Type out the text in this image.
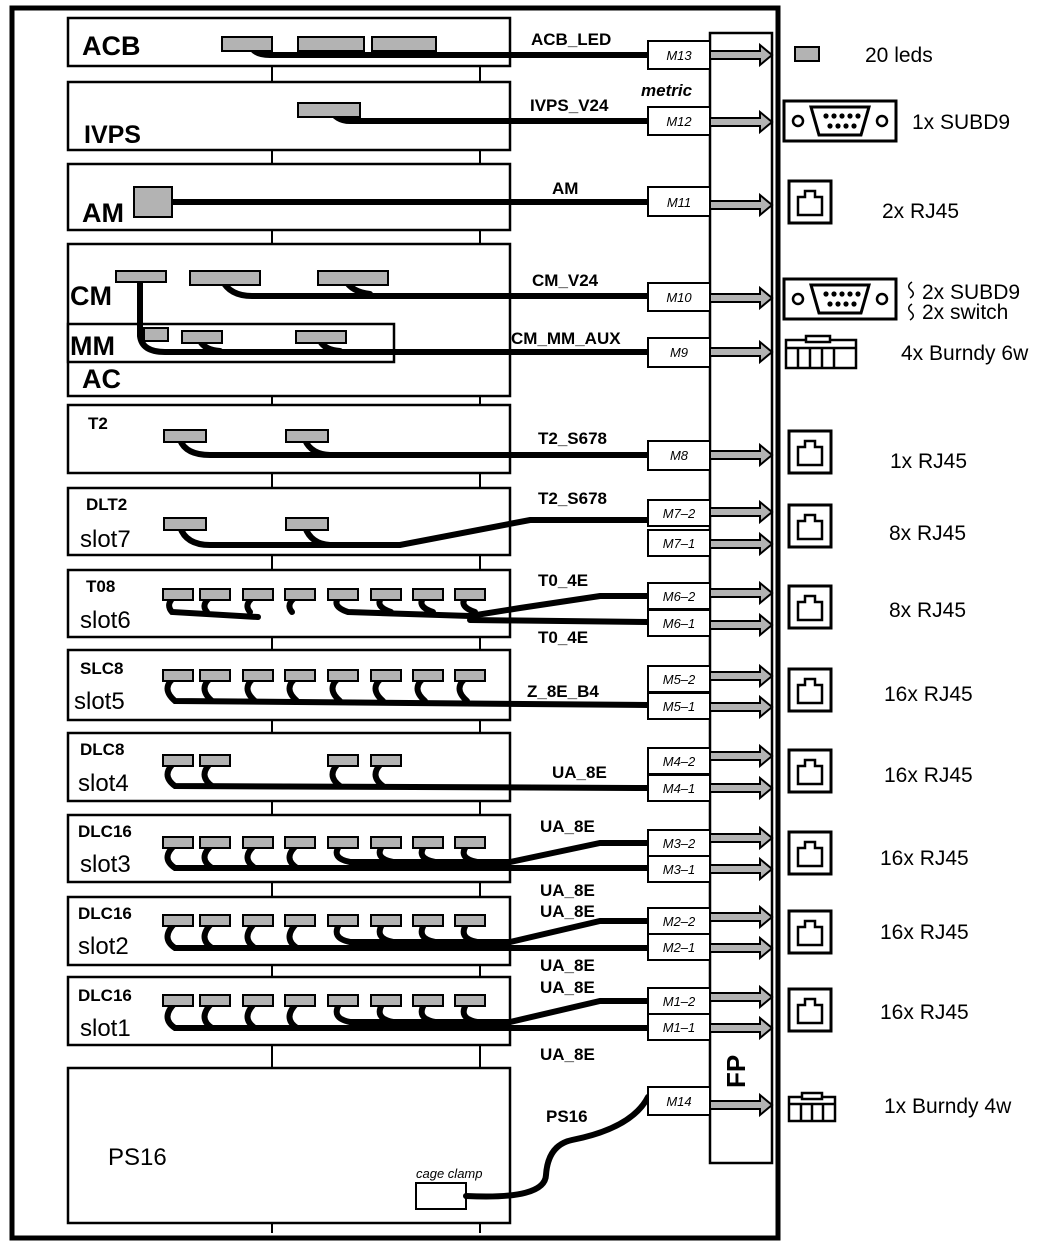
FP
ACB
IVPS
AM
CM
MM
AC
T2
DLT2
slot7
T08
slot6
SLC8
slot5
DLC8
slot4
DLC16
slot3
DLC16
slot2
DLC16
slot1
PS16
cage clamp
ACB_LED
IVPS_V24
metric
AM
CM_V24
CM_MM_AUX
T2_S678
T2_S678
T0_4E
T0_4E
Z_8E_B4
UA_8E
UA_8E
UA_8E
UA_8E
UA_8E
UA_8E
UA_8E
PS16
M13
M12
M11
M10
M9
M8
M7–2
M7–1
M6–2
M6–1
M5–2
M5–1
M4–2
M4–1
M3–2
M3–1
M2–2
M2–1
M1–2
M1–1
M14
20 leds
1x SUBD9
2x RJ45
2x SUBD9
2x switch
4x Burndy 6w
1x RJ45
8x RJ45
8x RJ45
16x RJ45
16x RJ45
16x RJ45
16x RJ45
16x RJ45
1x Burndy 4w
